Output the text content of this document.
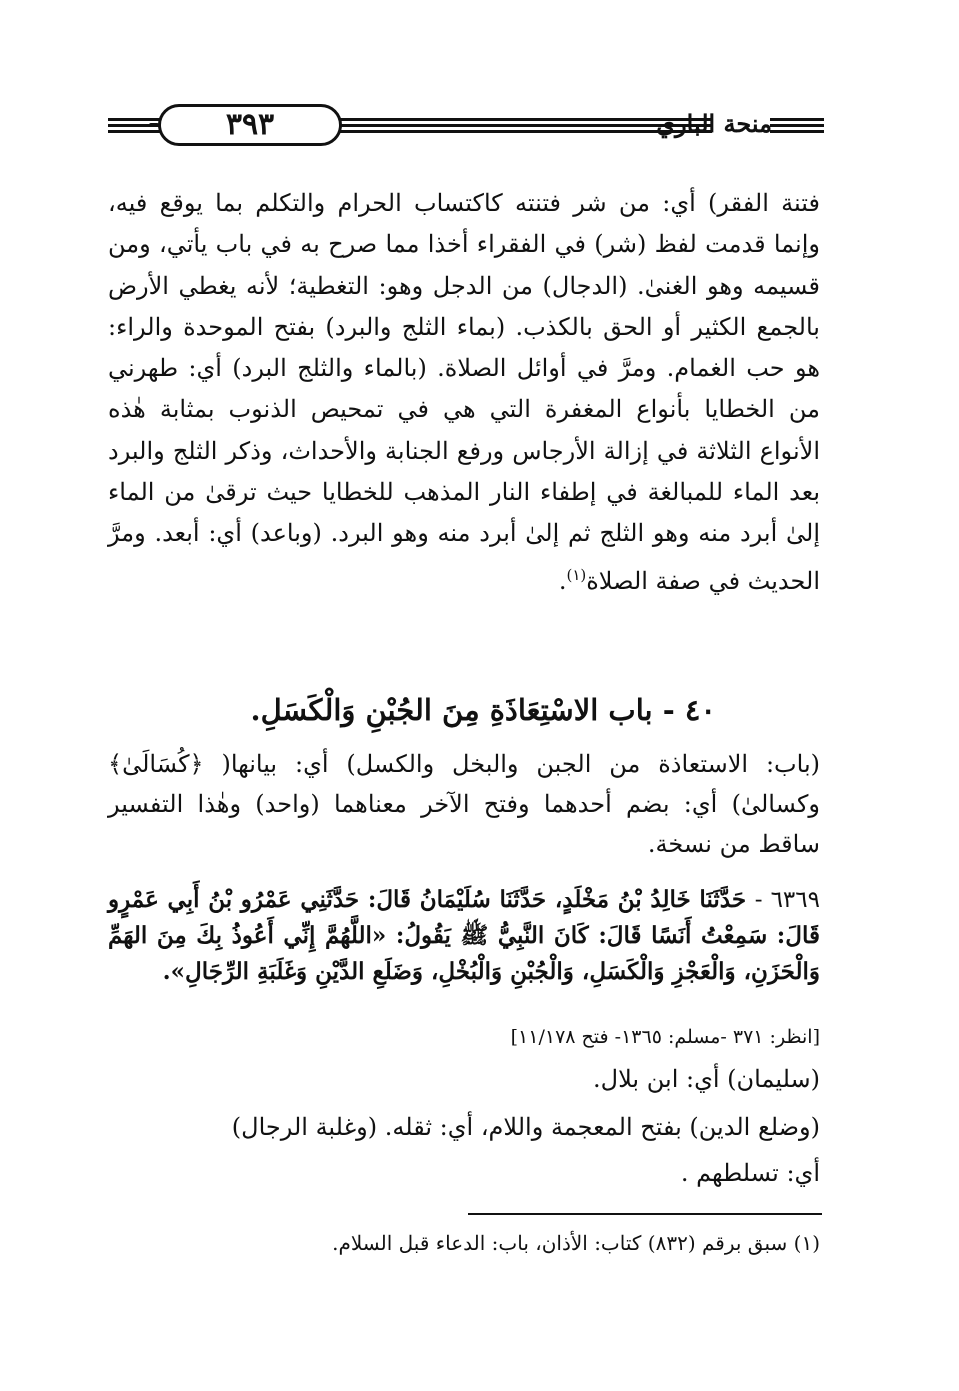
٣٩٣	منحة الباري

فتنة الفقر) أي: من شر فتنته كاكتساب الحرام والتكلم بما يوقع فيه، وإنما قدمت لفظ (شر) في الفقراء أخذا مما صرح به في باب يأتي، ومن قسيمه وهو الغنىٰ. (الدجال) من الدجل وهو: التغطية؛ لأنه يغطي الأرض بالجمع الكثير أو الحق بالكذب. (بماء الثلج والبرد) بفتح الموحدة والراء: هو حب الغمام. ومرَّ في أوائل الصلاة. (بالماء والثلج البرد) أي: طهرني من الخطايا بأنواع المغفرة التي هي في تمحيص الذنوب بمثابة هٰذه الأنواع الثلاثة في إزالة الأرجاس ورفع الجنابة والأحداث، وذكر الثلج والبرد بعد الماء للمبالغة في إطفاء النار المذهب للخطايا حيث ترقىٰ من الماء إلىٰ أبرد منه وهو الثلج ثم إلىٰ أبرد منه وهو البرد. (وباعد) أي: أبعد. ومرَّ الحديث في صفة الصلاة$^{(١)}$.

٤٠ - باب الاسْتِعَاذَةِ مِنَ الجُبْنِ وَالْكَسَلِ.

(باب: الاستعاذة من الجبن والبخل والكسل) أي: بيانها( ﴿كُسَالَىٰ﴾ وكسالىٰ) أي: بضم أحدهما وفتح الآخر معناهما (واحد) وهٰذا التفسير ساقط من نسخة.

٦٣٦٩ - حَدَّثَنَا خَالِدُ بْنُ مَخْلَدٍ، حَدَّثَنَا سُلَيْمَانُ قَالَ: حَدَّثَنِي عَمْرُو بْنُ أَبِي عَمْرٍو قَالَ: سَمِعْتُ أَنَسًا قَالَ: كَانَ النَّبِيُّ ﷺ يَقُولُ: «اللَّهُمَّ إِنِّي أَعُوذُ بِكَ مِنَ الهَمِّ وَالْحَزَنِ، وَالْعَجْزِ وَالْكَسَلِ، وَالْجُبْنِ وَالْبُخْلِ، وَضَلَعِ الدَّيْنِ وَغَلَبَةِ الرِّجَالِ».

[انظر: ٣٧١ -مسلم: ١٣٦٥- فتح ١١/١٧٨]

(سليمان) أي: ابن بلال.

(وضلع الدين) بفتح المعجمة واللام، أي: ثقله. (وغلبة الرجال)

أي: تسلطهم .

(١) سبق برقم (٨٣٢) كتاب: الأذان، باب: الدعاء قبل السلام.
